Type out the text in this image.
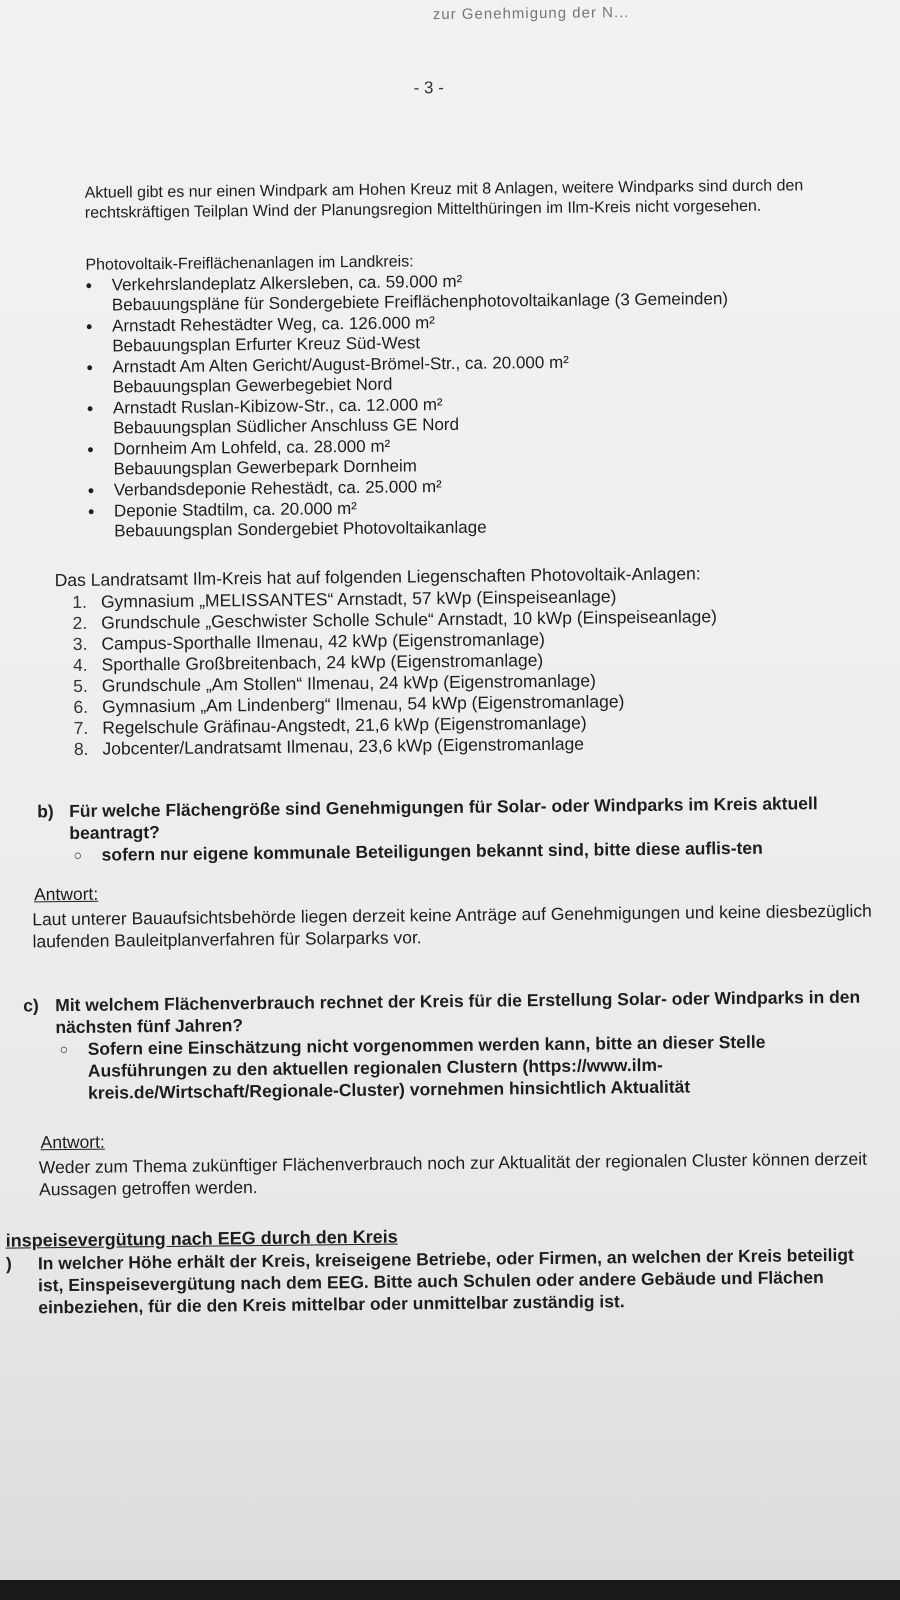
zur Genehmigung der N...
- 3 -
Aktuell gibt es nur einen Windpark am Hohen Kreuz mit 8 Anlagen, weitere Windparks sind durch den rechtskräftigen Teilplan Wind der Planungsregion Mittelthüringen im Ilm-Kreis nicht vorgesehen.
Photovoltaik-Freiflächenanlagen im Landkreis:
• Verkehrslandeplatz Alkersleben, ca. 59.000 m²
Bebauungspläne für Sondergebiete Freiflächenphotovoltaikanlage (3 Gemeinden)
• Arnstadt Rehestädter Weg, ca. 126.000 m²
Bebauungsplan Erfurter Kreuz Süd-West
• Arnstadt Am Alten Gericht/August-Brömel-Str., ca. 20.000 m²
Bebauungsplan Gewerbegebiet Nord
• Arnstadt Ruslan-Kibizow-Str., ca. 12.000 m²
Bebauungsplan Südlicher Anschluss GE Nord
• Dornheim Am Lohfeld, ca. 28.000 m²
Bebauungsplan Gewerbepark Dornheim
• Verbandsdeponie Rehestädt, ca. 25.000 m²
• Deponie Stadtilm, ca. 20.000 m²
Bebauungsplan Sondergebiet Photovoltaikanlage
Das Landratsamt Ilm-Kreis hat auf folgenden Liegenschaften Photovoltaik-Anlagen:
1. Gymnasium „MELISSANTES“ Arnstadt, 57 kWp (Einspeiseanlage)
2. Grundschule „Geschwister Scholle Schule“ Arnstadt, 10 kWp (Einspeiseanlage)
3. Campus-Sporthalle Ilmenau, 42 kWp (Eigenstromanlage)
4. Sporthalle Großbreitenbach, 24 kWp (Eigenstromanlage)
5. Grundschule „Am Stollen“ Ilmenau, 24 kWp (Eigenstromanlage)
6. Gymnasium „Am Lindenberg“ Ilmenau, 54 kWp (Eigenstromanlage)
7. Regelschule Gräfinau-Angstedt, 21,6 kWp (Eigenstromanlage)
8. Jobcenter/Landratsamt Ilmenau, 23,6 kWp (Eigenstromanlage
b) Für welche Flächengröße sind Genehmigungen für Solar- oder Windparks im Kreis aktuell beantragt?
○ sofern nur eigene kommunale Beteiligungen bekannt sind, bitte diese auflis-ten
Antwort:
Laut unterer Bauaufsichtsbehörde liegen derzeit keine Anträge auf Genehmigungen und keine diesbezüglich laufenden Bauleitplanverfahren für Solarparks vor.
c) Mit welchem Flächenverbrauch rechnet der Kreis für die Erstellung Solar- oder Windparks in den nächsten fünf Jahren?
○ Sofern eine Einschätzung nicht vorgenommen werden kann, bitte an dieser Stelle Ausführungen zu den aktuellen regionalen Clustern (https://www.ilm-kreis.de/Wirtschaft/Regionale-Cluster) vornehmen hinsichtlich Aktualität
Antwort:
Weder zum Thema zukünftiger Flächenverbrauch noch zur Aktualität der regionalen Cluster können derzeit Aussagen getroffen werden.
inspeisevergütung nach EEG durch den Kreis
) In welcher Höhe erhält der Kreis, kreiseigene Betriebe, oder Firmen, an welchen der Kreis beteiligt ist, Einspeisevergütung nach dem EEG. Bitte auch Schulen oder andere Gebäude und Flächen einbeziehen, für die den Kreis mittelbar oder unmittelbar zuständig ist.
